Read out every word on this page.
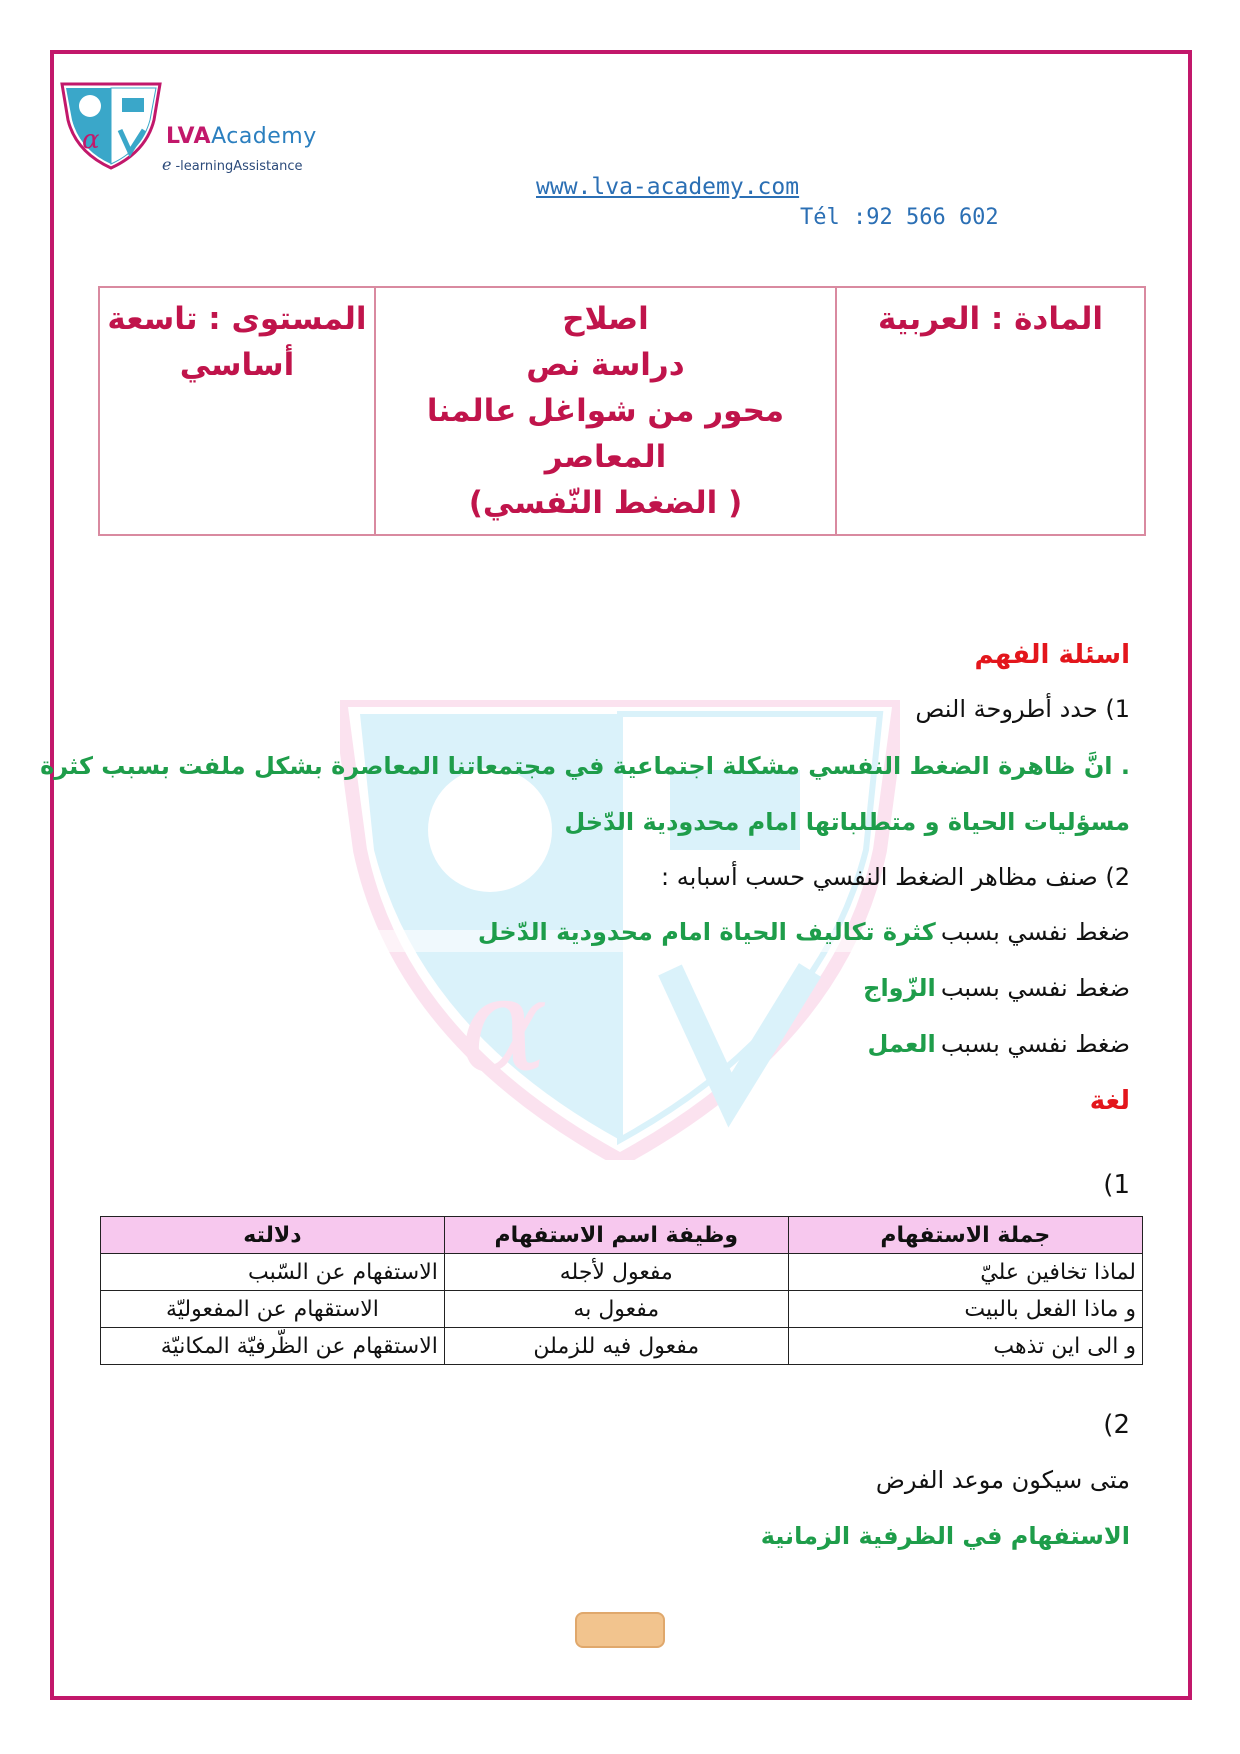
α	LVAAcademy
e -learningAssistance
www.lva-academy.com
Tél :92 566 602
المادة : العربية

اصلاح
دراسة نص
محور من شواغل عالمنا المعاصر
( الضغط النّفسي)

المستوى : تاسعة
أساسي
α
اسئلة الفهم
1) حدد أطروحة النص
. انَّ ظاهرة الضغط النفسي مشكلة اجتماعية في مجتمعاتنا المعاصرة بشكل ملفت بسبب كثرة
مسؤليات الحياة و متطلباتها امام محدودية الدّخل
2) صنف مظاهر الضغط النفسي حسب أسبابه :
ضغط نفسي بسبب كثرة تكاليف الحياة امام محدودية الدّخل
ضغط نفسي بسبب الزّواج
ضغط نفسي بسبب العمل
لغة
1)
جملة الاستفهام	وظيفة اسم الاستفهام	دلالته
لماذا تخافين عليّ	مفعول لأجله	الاستفهام عن السّبب
و ماذا الفعل بالبيت	مفعول به	الاستقهام عن المفعوليّة
و الى اين تذهب	مفعول فيه للزملن	الاستقهام عن الظّرفيّة المكانيّة
2)
متى سيكون موعد الفرض
الاستفهام في الظرفية الزمانية
